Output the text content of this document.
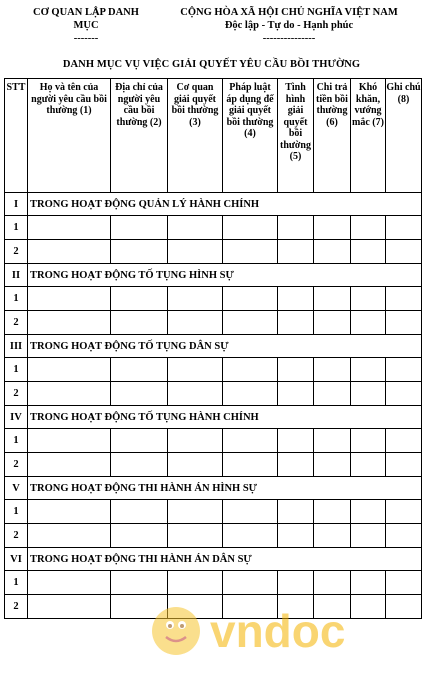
CƠ QUAN LẬP DANH
MỤC
-------
CỘNG HÒA XÃ HỘI CHỦ NGHĨA VIỆT NAM
Độc lập - Tự do - Hạnh phúc
---------------
DANH MỤC VỤ VIỆC GIẢI QUYẾT YÊU CẦU BỒI THƯỜNG
STT	Họ và tên của người yêu cầu bồi thường (1)	Địa chỉ của người yêu cầu bồi thường (2)	Cơ quan giải quyết bồi thường (3)	Pháp luật áp dụng để giải quyết bồi thường (4)	Tình hình giải quyết bồi thường (5)	Chi trả tiền bồi thường (6)	Khó khăn, vướng mắc (7)	Ghi chú (8)
I	TRONG HOẠT ĐỘNG QUẢN LÝ HÀNH CHÍNH							
1								
2								
II	TRONG HOẠT ĐỘNG TỐ TỤNG HÌNH SỰ							
1								
2								
III	TRONG HOẠT ĐỘNG TỐ TỤNG DÂN SỰ							
1								
2								
IV	TRONG HOẠT ĐỘNG TỐ TỤNG HÀNH CHÍNH							
1								
2								
V	TRONG HOẠT ĐỘNG THI HÀNH ÁN HÌNH SỰ							
1								
2								
VI	TRONG HOẠT ĐỘNG THI HÀNH ÁN DÂN SỰ							
1								
2									vndoc
